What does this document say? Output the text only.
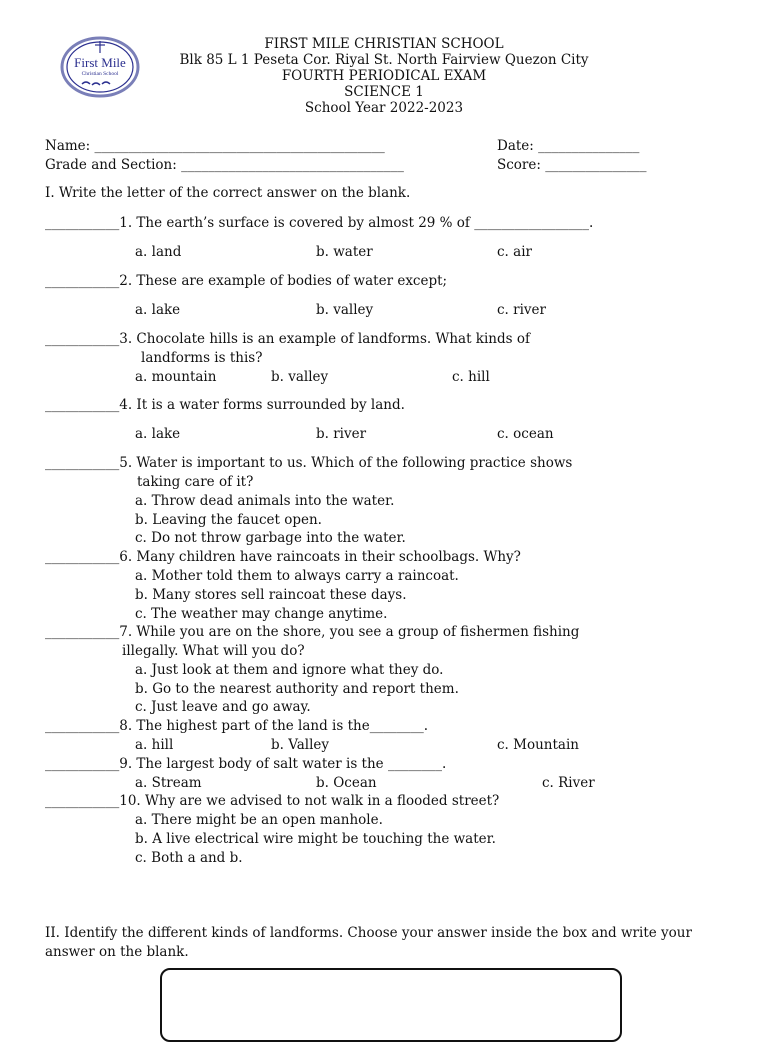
First Mile
Christian School
FIRST MILE CHRISTIAN SCHOOL
Blk 85 L 1 Peseta Cor. Riyal St. North Fairview Quezon City
FOURTH PERIODICAL EXAM
SCIENCE 1
School Year 2022-2023
Name: ___________________________________________	Date: _______________
Grade and Section: _________________________________	Score: _______________
I. Write the letter of the correct answer on the blank.
___________1. The earth’s surface is covered by almost 29 % of _________________.
a. land	b. water	c. air
___________2. These are example of bodies of water except;
a. lake	b. valley	c. river
___________3. Chocolate hills is an example of landforms. What kinds of
landforms is this?
a. mountain	b. valley	c. hill
___________4. It is a water forms surrounded by land.
a. lake	b. river	c. ocean
___________5. Water is important to us. Which of the following practice shows
taking care of it?
a. Throw dead animals into the water.
b. Leaving the faucet open.
c. Do not throw garbage into the water.
___________6. Many children have raincoats in their schoolbags. Why?
a. Mother told them to always carry a raincoat.
b. Many stores sell raincoat these days.
c. The weather may change anytime.
___________7. While you are on the shore, you see a group of fishermen fishing
illegally. What will you do?
a. Just look at them and ignore what they do.
b. Go to the nearest authority and report them.
c. Just leave and go away.
___________8. The highest part of the land is the________.
a. hill	b. Valley	c. Mountain
___________9. The largest body of salt water is the ________.
a. Stream	b. Ocean	c. River
___________10. Why are we advised to not walk in a flooded street?
a. There might be an open manhole.
b. A live electrical wire might be touching the water.
c. Both a and b.
II. Identify the different kinds of landforms. Choose your answer inside the box and write your
answer on the blank.
